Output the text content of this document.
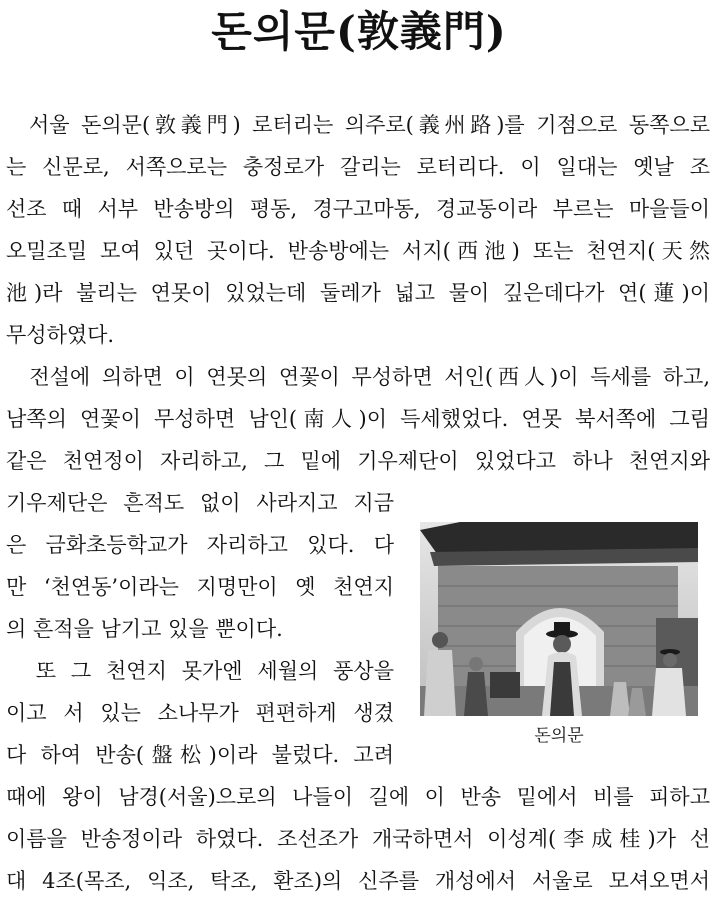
돈의문(敦義門)
서울 돈의문(敦義門) 로터리는 의주로(義州路)를 기점으로 동쪽으로
는 신문로, 서쪽으로는 충정로가 갈리는 로터리다. 이 일대는 옛날 조
선조 때 서부 반송방의 평동, 경구고마동, 경교동이라 부르는 마을들이
오밀조밀 모여 있던 곳이다. 반송방에는 서지(西池) 또는 천연지(天然
池)라 불리는 연못이 있었는데 둘레가 넓고 물이 깊은데다가 연(蓮)이
무성하였다.
전설에 의하면 이 연못의 연꽃이 무성하면 서인(西人)이 득세를 하고,
남쪽의 연꽃이 무성하면 남인(南人)이 득세했었다. 연못 북서쪽에 그림
같은 천연정이 자리하고, 그 밑에 기우제단이 있었다고 하나 천연지와
기우제단은 흔적도 없이 사라지고 지금
은 금화초등학교가 자리하고 있다. 다
만 ‘천연동’이라는 지명만이 옛 천연지
의 흔적을 남기고 있을 뿐이다.
또 그 천연지 못가엔 세월의 풍상을
이고 서 있는 소나무가 편편하게 생겼
다 하여 반송(盤松)이라 불렀다. 고려
때에 왕이 남경(서울)으로의 나들이 길에 이 반송 밑에서 비를 피하고
이름을 반송정이라 하였다. 조선조가 개국하면서 이성계(李成桂)가 선
대 4조(목조, 익조, 탁조, 환조)의 신주를 개성에서 서울로 모셔오면서
돈의문
